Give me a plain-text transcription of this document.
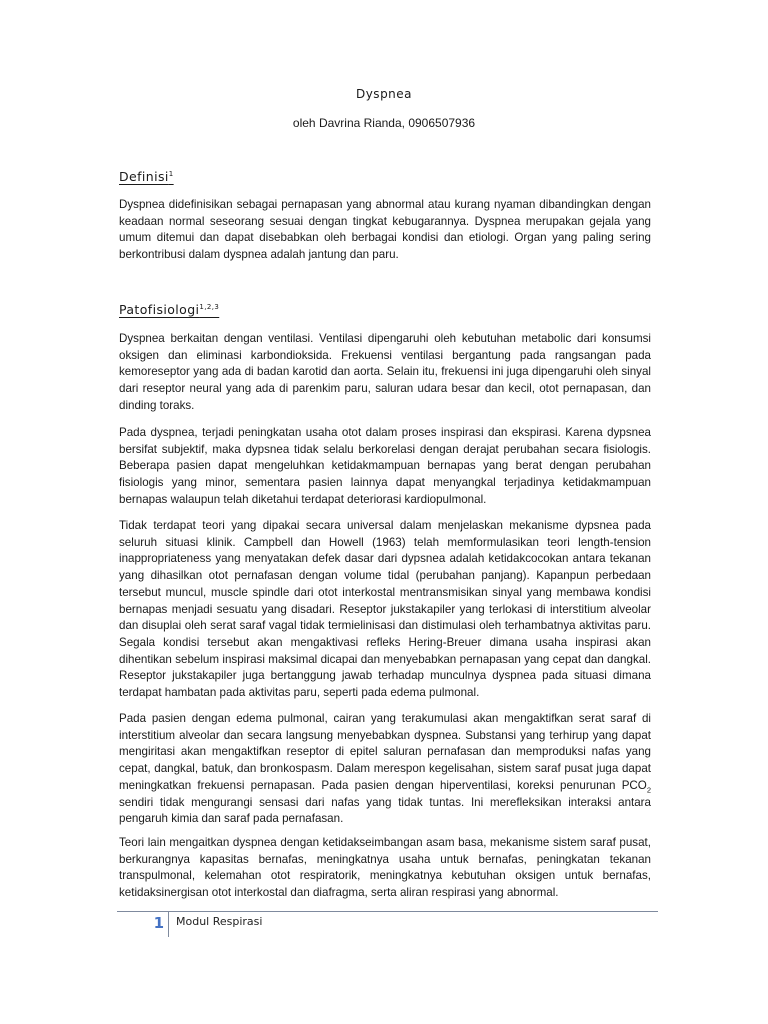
Dyspnea
oleh Davrina Rianda, 0906507936
Definisi$^1$

Dyspnea didefinisikan sebagai pernapasan yang abnormal atau kurang nyaman dibandingkan dengan keadaan normal seseorang sesuai dengan tingkat kebugarannya. Dyspnea merupakan gejala yang umum ditemui dan dapat disebabkan oleh berbagai kondisi dan etiologi. Organ yang paling sering berkontribusi dalam dyspnea adalah jantung dan paru.

Patofisiologi$^{1,2,3}$

Dyspnea berkaitan dengan ventilasi. Ventilasi dipengaruhi oleh kebutuhan metabolic dari konsumsi oksigen dan eliminasi karbondioksida. Frekuensi ventilasi bergantung pada rangsangan pada kemoreseptor yang ada di badan karotid dan aorta. Selain itu, frekuensi ini juga dipengaruhi oleh sinyal dari reseptor neural yang ada di parenkim paru, saluran udara besar dan kecil, otot pernapasan, dan dinding toraks.

Pada dyspnea, terjadi peningkatan usaha otot dalam proses inspirasi dan ekspirasi. Karena dypsnea bersifat subjektif, maka dypsnea tidak selalu berkorelasi dengan derajat perubahan secara fisiologis. Beberapa pasien dapat mengeluhkan ketidakmampuan bernapas yang berat dengan perubahan fisiologis yang minor, sementara pasien lainnya dapat menyangkal terjadinya ketidakmampuan bernapas walaupun telah diketahui terdapat deteriorasi kardiopulmonal.

Tidak terdapat teori yang dipakai secara universal dalam menjelaskan mekanisme dypsnea pada seluruh situasi klinik. Campbell dan Howell (1963) telah memformulasikan teori length-tension inappropriateness yang menyatakan defek dasar dari dypsnea adalah ketidakcocokan antara tekanan yang dihasilkan otot pernafasan dengan volume tidal (perubahan panjang). Kapanpun perbedaan tersebut muncul, muscle spindle dari otot interkostal mentransmisikan sinyal yang membawa kondisi bernapas menjadi sesuatu yang disadari. Reseptor jukstakapiler yang terlokasi di interstitium alveolar dan disuplai oleh serat saraf vagal tidak termielinisasi dan distimulasi oleh terhambatnya aktivitas paru. Segala kondisi tersebut akan mengaktivasi refleks Hering-Breuer dimana usaha inspirasi akan dihentikan sebelum inspirasi maksimal dicapai dan menyebabkan pernapasan yang cepat dan dangkal. Reseptor jukstakapiler juga bertanggung jawab terhadap munculnya dyspnea pada situasi dimana terdapat hambatan pada aktivitas paru, seperti pada edema pulmonal.

Pada pasien dengan edema pulmonal, cairan yang terakumulasi akan mengaktifkan serat saraf di interstitium alveolar dan secara langsung menyebabkan dyspnea. Substansi yang terhirup yang dapat mengiritasi akan mengaktifkan reseptor di epitel saluran pernafasan dan memproduksi nafas yang cepat, dangkal, batuk, dan bronkospasm. Dalam merespon kegelisahan, sistem saraf pusat juga dapat meningkatkan frekuensi pernapasan. Pada pasien dengan hiperventilasi, koreksi penurunan $PCO_2$ sendiri tidak mengurangi sensasi dari nafas yang tidak tuntas. Ini merefleksikan interaksi antara pengaruh kimia dan saraf pada pernafasan.

Teori lain mengaitkan dyspnea dengan ketidakseimbangan asam basa, mekanisme sistem saraf pusat, berkurangnya kapasitas bernafas, meningkatnya usaha untuk bernafas, peningkatan tekanan transpulmonal, kelemahan otot respiratorik, meningkatnya kebutuhan oksigen untuk bernafas, ketidaksinergisan otot interkostal dan diafragma, serta aliran respirasi yang abnormal.

1 Modul Respirasi
